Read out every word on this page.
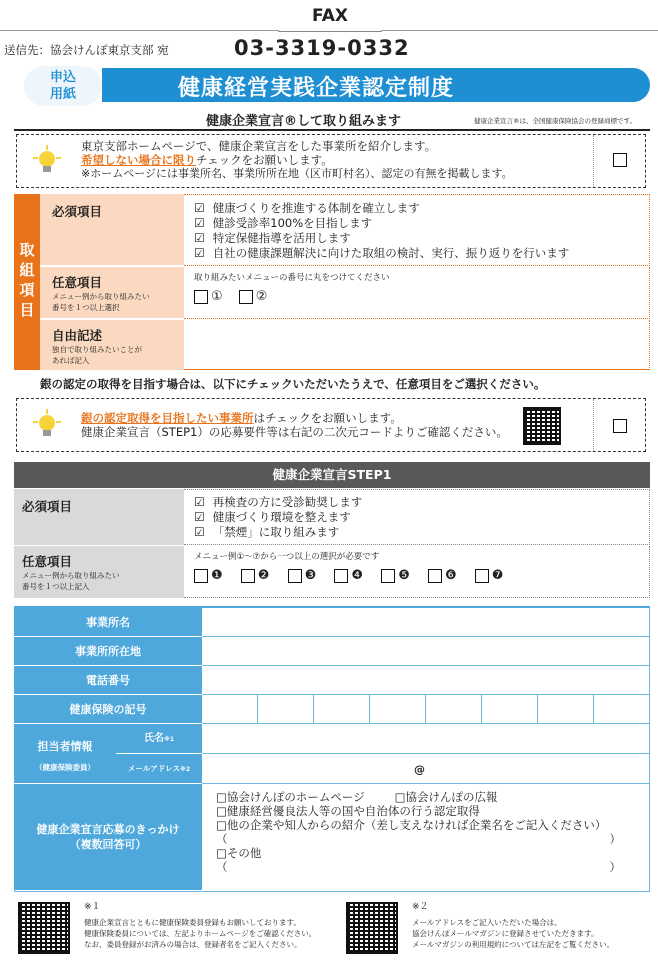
FAX
送信先：協会けんぽ東京支部 宛	03-3319-0332
申込
用紙	健康経営実践企業認定制度
健康企業宣言®して取り組みます	健康企業宣言®は、全国健康保険協会の登録商標です。
東京支部ホームページで、健康企業宣言をした事業所を紹介します。
希望しない場合に限りチェックをお願いします。
※ホームページには事業所名、事業所所在地（区市町村名）、認定の有無を掲載します。
取
組
項
目
必須項目	☑ 健康づくりを推進する体制を確立します
☑ 健診受診率100%を目指します
☑ 特定保健指導を活用します
☑ 自社の健康課題解決に向けた取組の検討、実行、振り返りを行います
任意項目
メニュー例から取り組みたい
番号を１つ以上選択
取り組みたいメニューの番号に丸をつけてください
①	②
自由記述
独自で取り組みたいことが
あれば記入
銀の認定の取得を目指す場合は、以下にチェックいただいたうえで、任意項目をご選択ください。
銀の認定取得を目指したい事業所はチェックをお願いします。
健康企業宣言（STEP1）の応募要件等は右記の二次元コードよりご確認ください。
健康企業宣言STEP1
必須項目	☑ 再検査の方に受診勧奨します
☑ 健康づくり環境を整えます
☑ 「禁煙」に取り組みます
任意項目
メニュー例から取り組みたい
番号を１つ以上記入
メニュー例①～⑦から一つ以上の選択が必要です
❶	❷	❸	❹	❺	❻	❼
事業所名
事業所所在地
電話番号
健康保険の記号
担当者情報
（健康保険委員）
氏名※1
メールアドレス※2	@
健康企業宣言応募のきっかけ
（複数回答可）
□協会けんぽのホームページ	□協会けんぽの広報
□健康経営優良法人等の国や自治体の行う認定取得
□他の企業や知人からの紹介（差し支えなければ企業名をご記入ください）
（	）
□その他
（	）
※１
健康企業宣言とともに健康保険委員登録もお願いしております。
健康保険委員については、左記よりホームページをご確認ください。
なお、委員登録がお済みの場合は、登録者名をご記入ください。
※２
メールアドレスをご記入いただいた場合は、
協会けんぽメールマガジンに登録させていただきます。
メールマガジンの利用規約については左記をご覧ください。
